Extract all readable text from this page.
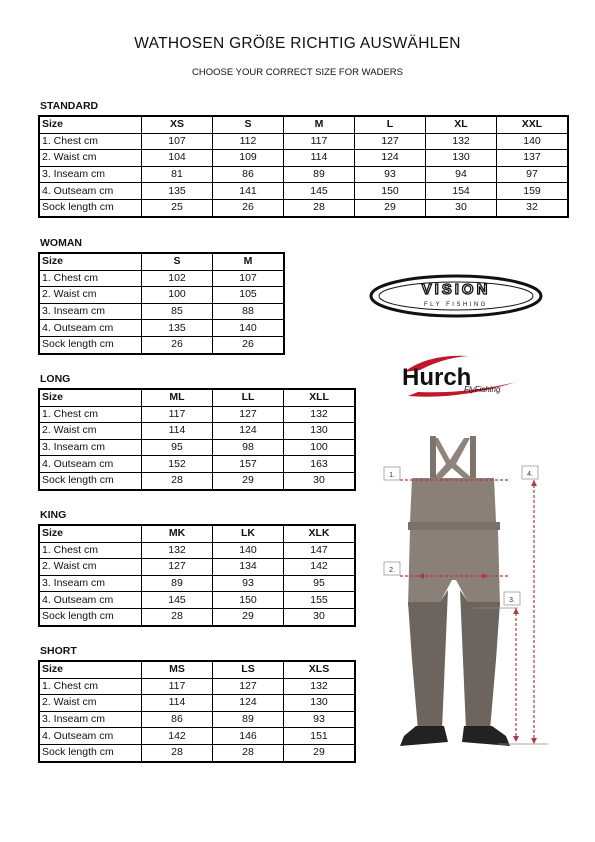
WATHOSEN GRÖßE RICHTIG AUSWÄHLEN
CHOOSE YOUR CORRECT SIZE FOR WADERS
STANDARD
Size	XS	S	M	L	XL	XXL
1. Chest cm	107	112	117	127	132	140
2. Waist cm	104	109	114	124	130	137
3. Inseam cm	81	86	89	93	94	97
4. Outseam cm	135	141	145	150	154	159
Sock length cm	25	26	28	29	30	32
WOMAN
Size	S	M
1. Chest cm	102	107
2. Waist cm	100	105
3. Inseam cm	85	88
4. Outseam cm	135	140
Sock length cm	26	26
LONG
Size	ML	LL	XLL
1. Chest cm	117	127	132
2. Waist cm	114	124	130
3. Inseam cm	95	98	100
4. Outseam cm	152	157	163
Sock length cm	28	29	30
KING
Size	MK	LK	XLK
1. Chest cm	132	140	147
2. Waist cm	127	134	142
3. Inseam cm	89	93	95
4. Outseam cm	145	150	155
Sock length cm	28	29	30
SHORT
Size	MS	LS	XLS
1. Chest cm	117	127	132
2. Waist cm	114	124	130
3. Inseam cm	86	89	93
4. Outseam cm	142	146	151
Sock length cm	28	28	29
VISION
FLY FISHING
Hurch
FlyFishing
1.
2.
3.
4.
